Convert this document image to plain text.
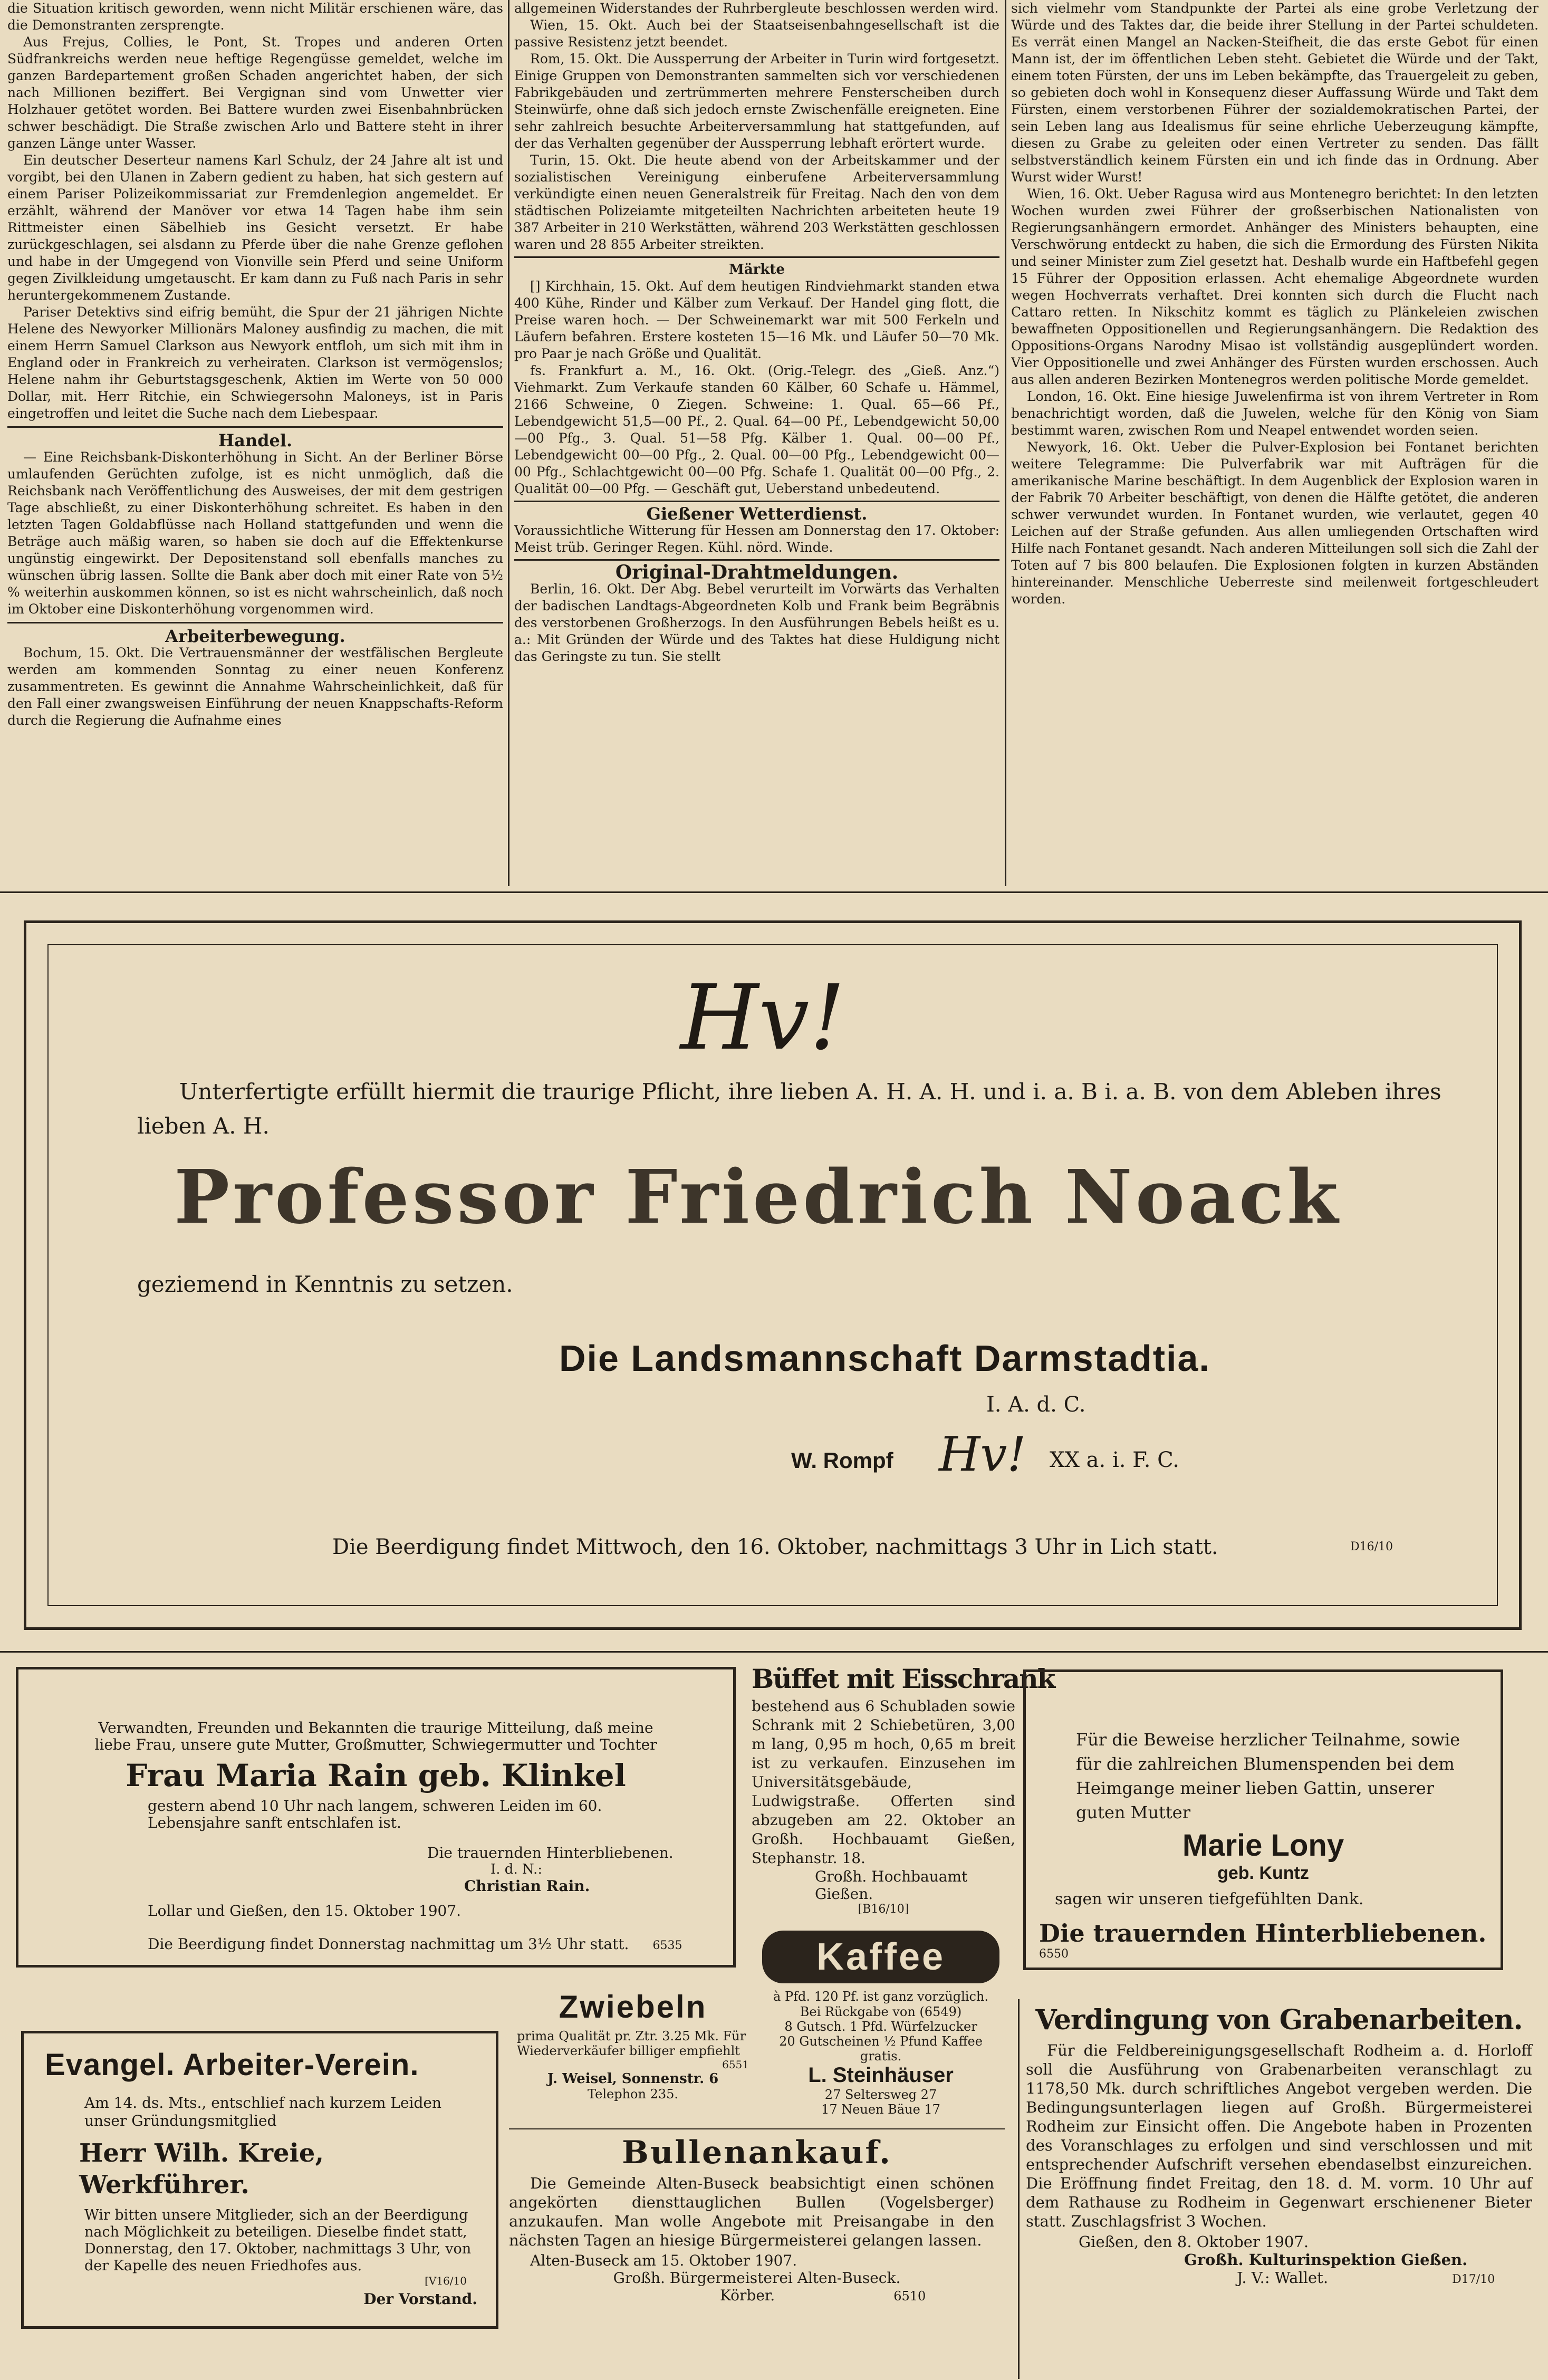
die Situation kritisch geworden, wenn nicht Militär erschienen wäre, das die Demonstranten zersprengte.

Aus Frejus, Collies, le Pont, St. Tropes und anderen Orten Südfrankreichs werden neue heftige Regengüsse gemeldet, welche im ganzen Bardepartement großen Schaden angerichtet haben, der sich nach Millionen beziffert. Bei Vergignan sind vom Unwetter vier Holzhauer getötet worden. Bei Battere wurden zwei Eisenbahnbrücken schwer beschädigt. Die Straße zwischen Arlo und Battere steht in ihrer ganzen Länge unter Wasser.

Ein deutscher Deserteur namens Karl Schulz, der 24 Jahre alt ist und vorgibt, bei den Ulanen in Zabern gedient zu haben, hat sich gestern auf einem Pariser Polizeikommissariat zur Fremdenlegion angemeldet. Er erzählt, während der Manöver vor etwa 14 Tagen habe ihm sein Rittmeister einen Säbelhieb ins Gesicht versetzt. Er habe zurückgeschlagen, sei alsdann zu Pferde über die nahe Grenze geflohen und habe in der Umgegend von Vionville sein Pferd und seine Uniform gegen Zivilkleidung umgetauscht. Er kam dann zu Fuß nach Paris in sehr heruntergekommenem Zustande.

Pariser Detektivs sind eifrig bemüht, die Spur der 21 jährigen Nichte Helene des Newyorker Millionärs Maloney ausfindig zu machen, die mit einem Herrn Samuel Clarkson aus Newyork entfloh, um sich mit ihm in England oder in Frankreich zu verheiraten. Clarkson ist vermögenslos; Helene nahm ihr Geburtstagsgeschenk, Aktien im Werte von 50 000 Dollar, mit. Herr Ritchie, ein Schwiegersohn Maloneys, ist in Paris eingetroffen und leitet die Suche nach dem Liebespaar.

Handel.

— Eine Reichsbank-Diskonterhöhung in Sicht. An der Berliner Börse umlaufenden Gerüchten zufolge, ist es nicht unmöglich, daß die Reichsbank nach Veröffentlichung des Ausweises, der mit dem gestrigen Tage abschließt, zu einer Diskonterhöhung schreitet. Es haben in den letzten Tagen Goldabflüsse nach Holland stattgefunden und wenn die Beträge auch mäßig waren, so haben sie doch auf die Effektenkurse ungünstig eingewirkt. Der Depositenstand soll ebenfalls manches zu wünschen übrig lassen. Sollte die Bank aber doch mit einer Rate von 5½ % weiterhin auskommen können, so ist es nicht wahrscheinlich, daß noch im Oktober eine Diskonterhöhung vorgenommen wird.

Arbeiterbewegung.

Bochum, 15. Okt. Die Vertrauensmänner der westfälischen Bergleute werden am kommenden Sonntag zu einer neuen Konferenz zusammentreten. Es gewinnt die Annahme Wahrscheinlichkeit, daß für den Fall einer zwangsweisen Einführung der neuen Knappschafts-Reform durch die Regierung die Aufnahme eines

allgemeinen Widerstandes der Ruhrbergleute beschlossen werden wird.

Wien, 15. Okt. Auch bei der Staatseisenbahngesellschaft ist die passive Resistenz jetzt beendet.

Rom, 15. Okt. Die Aussperrung der Arbeiter in Turin wird fortgesetzt. Einige Gruppen von Demonstranten sammelten sich vor verschiedenen Fabrikgebäuden und zertrümmerten mehrere Fensterscheiben durch Steinwürfe, ohne daß sich jedoch ernste Zwischenfälle ereigneten. Eine sehr zahlreich besuchte Arbeiterversammlung hat stattgefunden, auf der das Verhalten gegenüber der Aussperrung lebhaft erörtert wurde.

Turin, 15. Okt. Die heute abend von der Arbeitskammer und der sozialistischen Vereinigung einberufene Arbeiterversammlung verkündigte einen neuen Generalstreik für Freitag. Nach den von dem städtischen Polizeiamte mitgeteilten Nachrichten arbeiteten heute 19 387 Arbeiter in 210 Werkstätten, während 203 Werkstätten geschlossen waren und 28 855 Arbeiter streikten.

Märkte

[] Kirchhain, 15. Okt. Auf dem heutigen Rindviehmarkt standen etwa 400 Kühe, Rinder und Kälber zum Verkauf. Der Handel ging flott, die Preise waren hoch. — Der Schweinemarkt war mit 500 Ferkeln und Läufern befahren. Erstere kosteten 15—16 Mk. und Läufer 50—70 Mk. pro Paar je nach Größe und Qualität.

fs. Frankfurt a. M., 16. Okt. (Orig.-Telegr. des „Gieß. Anz.“) Viehmarkt. Zum Verkaufe standen 60 Kälber, 60 Schafe u. Hämmel, 2166 Schweine, 0 Ziegen. Schweine: 1. Qual. 65—66 Pf., Lebendgewicht 51,5—00 Pf., 2. Qual. 64—00 Pf., Lebendgewicht 50,00—00 Pfg., 3. Qual. 51—58 Pfg. Kälber 1. Qual. 00—00 Pf., Lebendgewicht 00—00 Pfg., 2. Qual. 00—00 Pfg., Lebendgewicht 00—00 Pfg., Schlachtgewicht 00—00 Pfg. Schafe 1. Qualität 00—00 Pfg., 2. Qualität 00—00 Pfg. — Geschäft gut, Ueberstand unbedeutend.

Gießener Wetterdienst.

Voraussichtliche Witterung für Hessen am Donnerstag den 17. Oktober: Meist trüb. Geringer Regen. Kühl. nörd. Winde.

Original-Drahtmeldungen.

Berlin, 16. Okt. Der Abg. Bebel verurteilt im Vorwärts das Verhalten der badischen Landtags-Abgeordneten Kolb und Frank beim Begräbnis des verstorbenen Großherzogs. In den Ausführungen Bebels heißt es u. a.: Mit Gründen der Würde und des Taktes hat diese Huldigung nicht das Geringste zu tun. Sie stellt

sich vielmehr vom Standpunkte der Partei als eine grobe Verletzung der Würde und des Taktes dar, die beide ihrer Stellung in der Partei schuldeten. Es verrät einen Mangel an Nacken-Steifheit, die das erste Gebot für einen Mann ist, der im öffentlichen Leben steht. Gebietet die Würde und der Takt, einem toten Fürsten, der uns im Leben bekämpfte, das Trauergeleit zu geben, so gebieten doch wohl in Konsequenz dieser Auffassung Würde und Takt dem Fürsten, einem verstorbenen Führer der sozialdemokratischen Partei, der sein Leben lang aus Idealismus für seine ehrliche Ueberzeugung kämpfte, diesen zu Grabe zu geleiten oder einen Vertreter zu senden. Das fällt selbstverständlich keinem Fürsten ein und ich finde das in Ordnung. Aber Wurst wider Wurst!

Wien, 16. Okt. Ueber Ragusa wird aus Montenegro berichtet: In den letzten Wochen wurden zwei Führer der großserbischen Nationalisten von Regierungsanhängern ermordet. Anhänger des Ministers behaupten, eine Verschwörung entdeckt zu haben, die sich die Ermordung des Fürsten Nikita und seiner Minister zum Ziel gesetzt hat. Deshalb wurde ein Haftbefehl gegen 15 Führer der Opposition erlassen. Acht ehemalige Abgeordnete wurden wegen Hochverrats verhaftet. Drei konnten sich durch die Flucht nach Cattaro retten. In Nikschitz kommt es täglich zu Plänkeleien zwischen bewaffneten Oppositionellen und Regierungsanhängern. Die Redaktion des Oppositions-Organs Narodny Misao ist vollständig ausgeplündert worden. Vier Oppositionelle und zwei Anhänger des Fürsten wurden erschossen. Auch aus allen anderen Bezirken Montenegros werden politische Morde gemeldet.

London, 16. Okt. Eine hiesige Juwelenfirma ist von ihrem Vertreter in Rom benachrichtigt worden, daß die Juwelen, welche für den König von Siam bestimmt waren, zwischen Rom und Neapel entwendet worden seien.

Newyork, 16. Okt. Ueber die Pulver-Explosion bei Fontanet berichten weitere Telegramme: Die Pulverfabrik war mit Aufträgen für die amerikanische Marine beschäftigt. In dem Augenblick der Explosion waren in der Fabrik 70 Arbeiter beschäftigt, von denen die Hälfte getötet, die anderen schwer verwundet wurden. In Fontanet wurden, wie verlautet, gegen 40 Leichen auf der Straße gefunden. Aus allen umliegenden Ortschaften wird Hilfe nach Fontanet gesandt. Nach anderen Mitteilungen soll sich die Zahl der Toten auf 7 bis 800 belaufen. Die Explosionen folgten in kurzen Abständen hintereinander. Menschliche Ueberreste sind meilenweit fortgeschleudert worden.

Hv!
Unterfertigte erfüllt hiermit die traurige Pflicht, ihre lieben A. H. A. H. und i. a. B i. a. B. von dem Ableben ihres
lieben A. H.
Professor Friedrich Noack
geziemend in Kenntnis zu setzen.
Die Landsmannschaft Darmstadtia.
I. A. d. C.
W. Rompf Hv! XX a. i. F. C.
Die Beerdigung findet Mittwoch, den 16. Oktober, nachmittags 3 Uhr in Lich statt.	D16/10

Verwandten, Freunden und Bekannten die traurige Mitteilung, daß meine liebe Frau, unsere gute Mutter, Großmutter, Schwiegermutter und Tochter

Frau Maria Rain geb. Klinkel

gestern abend 10 Uhr nach langem, schweren Leiden im 60. Lebensjahre sanft entschlafen ist.

Die trauernden Hinterbliebenen.

I. d. N.:

Christian Rain.

Lollar und Gießen, den 15. Oktober 1907.

Die Beerdigung findet Donnerstag nachmittag um 3½ Uhr statt. 6535

Büffet mit Eisschrank

bestehend aus 6 Schubladen sowie Schrank mit 2 Schiebetüren, 3,00 m lang, 0,95 m hoch, 0,65 m breit ist zu verkaufen. Einzusehen im Universitätsgebäude, Ludwigstraße. Offerten sind abzugeben am 22. Oktober an Großh. Hochbauamt Gießen, Stephanstr. 18.

Großh. Hochbauamt Gießen.

[B16/10]

Für die Beweise herzlicher Teilnahme, sowie für die zahlreichen Blumenspenden bei dem Heimgange meiner lieben Gattin, unserer guten Mutter

Marie Lony

geb. Kuntz

sagen wir unseren tiefgefühlten Dank.

Die trauernden Hinterbliebenen.

6550

Kaffee

à Pfd. 120 Pf. ist ganz vorzüglich.

Bei Rückgabe von (6549)

8 Gutsch. 1 Pfd. Würfelzucker

20 Gutscheinen ½ Pfund Kaffee

gratis.

L. Steinhäuser

27 Seltersweg 27

17 Neuen Bäue 17

Zwiebeln

prima Qualität pr. Ztr. 3.25 Mk. Für Wiederverkäufer billiger empfiehlt

6551

J. Weisel, Sonnenstr. 6

Telephon 235.

Evangel. Arbeiter-Verein.

Am 14. ds. Mts., entschlief nach kurzem Leiden unser Gründungsmitglied

Herr Wilh. Kreie, Werkführer.

Wir bitten unsere Mitglieder, sich an der Beerdigung nach Möglichkeit zu beteiligen. Dieselbe findet statt, Donnerstag, den 17. Oktober, nachmittags 3 Uhr, von der Kapelle des neuen Friedhofes aus.

[V16/10

Der Vorstand.

Bullenankauf.

Die Gemeinde Alten-Buseck beabsichtigt einen schönen angekörten diensttauglichen Bullen (Vogelsberger) anzukaufen. Man wolle Angebote mit Preisangabe in den nächsten Tagen an hiesige Bürgermeisterei gelangen lassen.

Alten-Buseck am 15. Oktober 1907.

Großh. Bürgermeisterei Alten-Buseck.

Körber.	6510

Verdingung von Grabenarbeiten.

Für die Feldbereinigungsgesellschaft Rodheim a. d. Horloff soll die Ausführung von Grabenarbeiten veranschlagt zu 1178,50 Mk. durch schriftliches Angebot vergeben werden. Die Bedingungsunterlagen liegen auf Großh. Bürgermeisterei Rodheim zur Einsicht offen. Die Angebote haben in Prozenten des Voranschlages zu erfolgen und sind verschlossen und mit entsprechender Aufschrift versehen ebendaselbst einzureichen. Die Eröffnung findet Freitag, den 18. d. M. vorm. 10 Uhr auf dem Rathause zu Rodheim in Gegenwart erschienener Bieter statt. Zuschlagsfrist 3 Wochen.

Gießen, den 8. Oktober 1907.

Großh. Kulturinspektion Gießen.

J. V.: Wallet.	D17/10
